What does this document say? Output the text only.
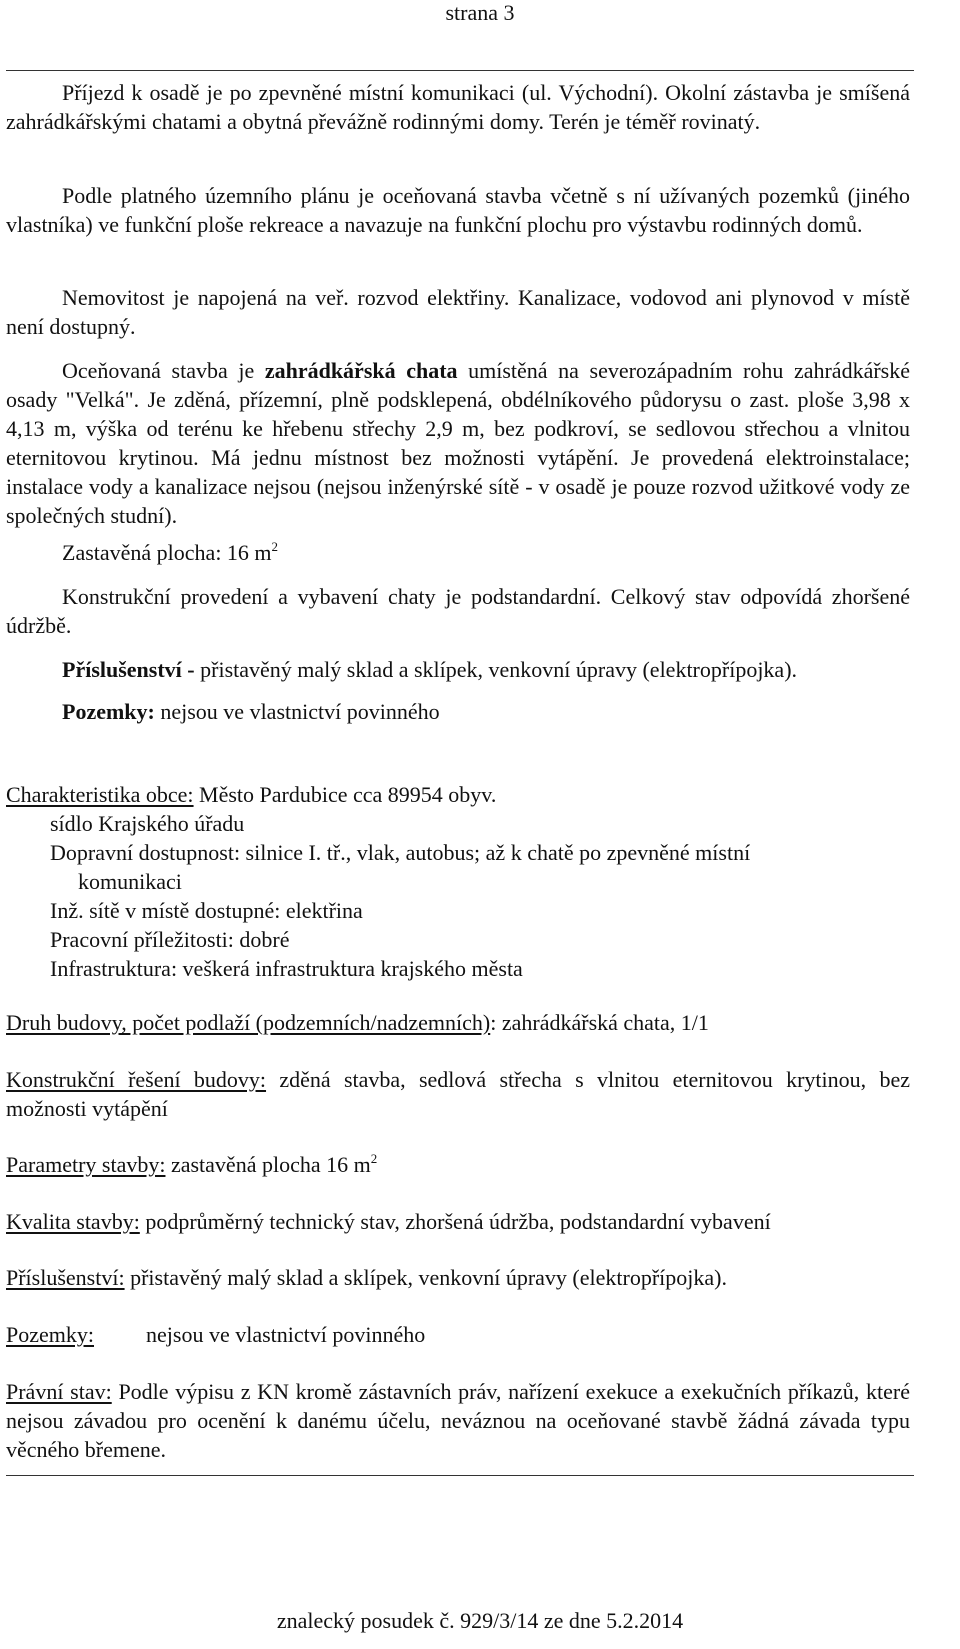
strana 3
Příjezd k osadě je po zpevněné místní komunikaci (ul. Východní). Okolní zástavba je smíšená zahrádkářskými chatami a obytná převážně rodinnými domy. Terén je téměř rovinatý.
Podle platného územního plánu je oceňovaná stavba včetně s ní užívaných pozemků (jiného vlastníka) ve funkční ploše rekreace a navazuje na funkční plochu pro výstavbu rodinných domů.
Nemovitost je napojená na veř. rozvod elektřiny. Kanalizace, vodovod ani plynovod v místě není dostupný.
Oceňovaná stavba je zahrádkářská chata umístěná na severozápadním rohu zahrádkářské osady "Velká". Je zděná, přízemní, plně podsklepená, obdélníkového půdorysu o zast. ploše 3,98 x 4,13 m, výška od terénu ke hřebenu střechy 2,9 m, bez podkroví, se sedlovou střechou a vlnitou eternitovou krytinou. Má jednu místnost bez možnosti vytápění. Je provedená elektroinstalace; instalace vody a kanalizace nejsou (nejsou inženýrské sítě - v osadě je pouze rozvod užitkové vody ze společných studní).
Zastavěná plocha: 16 $m^2$
Konstrukční provedení a vybavení chaty je podstandardní. Celkový stav odpovídá zhoršené údržbě.
Příslušenství - přistavěný malý sklad a sklípek, venkovní úpravy (elektropřípojka).
Pozemky: nejsou ve vlastnictví povinného
Charakteristika obce: Město Pardubice cca 89954 obyv.
sídlo Krajského úřadu
Dopravní dostupnost: silnice I. tř., vlak, autobus; až k chatě po zpevněné místní
komunikaci
Inž. sítě v místě dostupné: elektřina
Pracovní příležitosti: dobré
Infrastruktura: veškerá infrastruktura krajského města
Druh budovy, počet podlaží (podzemních/nadzemních): zahrádkářská chata, 1/1
Konstrukční řešení budovy: zděná stavba, sedlová střecha s vlnitou eternitovou krytinou, bez možnosti vytápění
Parametry stavby: zastavěná plocha 16 $m^2$
Kvalita stavby: podprůměrný technický stav, zhoršená údržba, podstandardní vybavení
Příslušenství: přistavěný malý sklad a sklípek, venkovní úpravy (elektropřípojka).
Pozemky: nejsou ve vlastnictví povinného
Právní stav: Podle výpisu z KN kromě zástavních práv, nařízení exekuce a exekučních příkazů, které nejsou závadou pro ocenění k danému účelu, neváznou na oceňované stavbě žádná závada typu věcného břemene.
znalecký posudek č. 929/3/14 ze dne 5.2.2014
